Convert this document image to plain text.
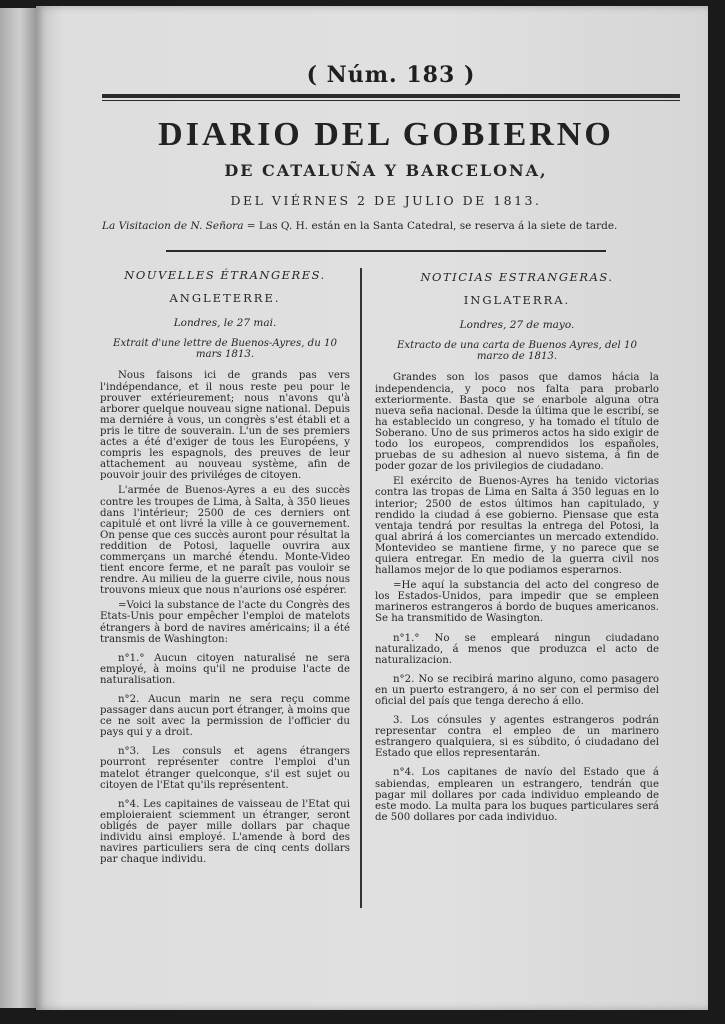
( Núm. 183 )
DIARIO DEL GOBIERNO
DE CATALUÑA Y BARCELONA,
DEL VIÉRNES 2 DE JULIO DE 1813.
La Visitacion de N. Señora = Las Q. H. están en la Santa Catedral, se reserva á la siete de tarde.
NOUVELLES ÉTRANGERES.
ANGLETERRE.
Londres, le 27 mai.
Extrait d'une lettre de Buenos-Ayres, du 10 mars 1813.

Nous faisons ici de grands pas vers l'indépendance, et il nous reste peu pour le prouver extérieurement; nous n'avons qu'à arborer quelque nouveau signe national. Depuis ma derniére à vous, un congrès s'est établi et a pris le titre de souverain. L'un de ses premiers actes a été d'exiger de tous les Européens, y compris les espagnols, des preuves de leur attachement au nouveau système, afin de pouvoir jouir des priviléges de citoyen.

L'armée de Buenos-Ayres a eu des succès contre les troupes de Lima, à Salta, à 350 lieues dans l'intérieur; 2500 de ces derniers ont capitulé et ont livré la ville à ce gouvernement. On pense que ces succès auront pour résultat la reddition de Potosi, laquelle ouvrira aux commerçans un marché étendu. Monte-Video tient encore ferme, et ne paraît pas vouloir se rendre. Au milieu de la guerre civile, nous nous trouvons mieux que nous n'aurions osé espérer.

=Voici la substance de l'acte du Congrès des Etats-Unis pour empêcher l'emploi de matelots étrangers à bord de navires américains; il a été transmis de Washington:

n°1.° Aucun citoyen naturalisé ne sera employé, à moins qu'il ne produise l'acte de naturalisation.

n°2. Aucun marin ne sera reçu comme passager dans aucun port étranger, à moins que ce ne soit avec la permission de l'officier du pays qui y a droit.

n°3. Les consuls et agens étrangers pourront représenter contre l'emploi d'un matelot étranger quelconque, s'il est sujet ou citoyen de l'Etat qu'ils représentent.

n°4. Les capitaines de vaisseau de l'Etat qui emploieraient sciemment un étranger, seront obligés de payer mille dollars par chaque individu ainsi employé. L'amende à bord des navires particuliers sera de cinq cents dollars par chaque individu.

NOTICIAS ESTRANGERAS.
INGLATERRA.
Londres, 27 de mayo.
Extracto de una carta de Buenos Ayres, del 10 marzo de 1813.

Grandes son los pasos que damos hácia la independencia, y poco nos falta para probarlo exteriormente. Basta que se enarbole alguna otra nueva seña nacional. Desde la última que le escribí, se ha establecido un congreso, y ha tomado el título de Soberano. Uno de sus primeros actos ha sido exigir de todo los europeos, comprendidos los españoles, pruebas de su adhesion al nuevo sistema, á fin de poder gozar de los privilegios de ciudadano.

El exército de Buenos-Ayres ha tenido victorias contra las tropas de Lima en Salta á 350 leguas en lo interior; 2500 de estos últimos han capitulado, y rendido la ciudad á ese gobierno. Piensase que esta ventaja tendrá por resultas la entrega del Potosi, la qual abrirá á los comerciantes un mercado extendido. Montevideo se mantiene firme, y no parece que se quiera entregar. En medio de la guerra civil nos hallamos mejor de lo que podiamos esperarnos.

=He aquí la substancia del acto del congreso de los Estados-Unidos, para impedir que se empleen marineros estrangeros á bordo de buques americanos. Se ha transmitido de Wasington.

n°1.° No se empleará ningun ciudadano naturalizado, á menos que produzca el acto de naturalizacion.

n°2. No se recibirá marino alguno, como pasagero en un puerto estrangero, á no ser con el permiso del oficial del país que tenga derecho á ello.

3. Los cónsules y agentes estrangeros podrán representar contra el empleo de un marinero estrangero qualquiera, si es súbdito, ó ciudadano del Estado que ellos representarán.

n°4. Los capitanes de navío del Estado que á sabiendas, emplearen un estrangero, tendrán que pagar mil dollares por cada individuo empleando de este modo. La multa para los buques particulares será de 500 dollares por cada individuo.
